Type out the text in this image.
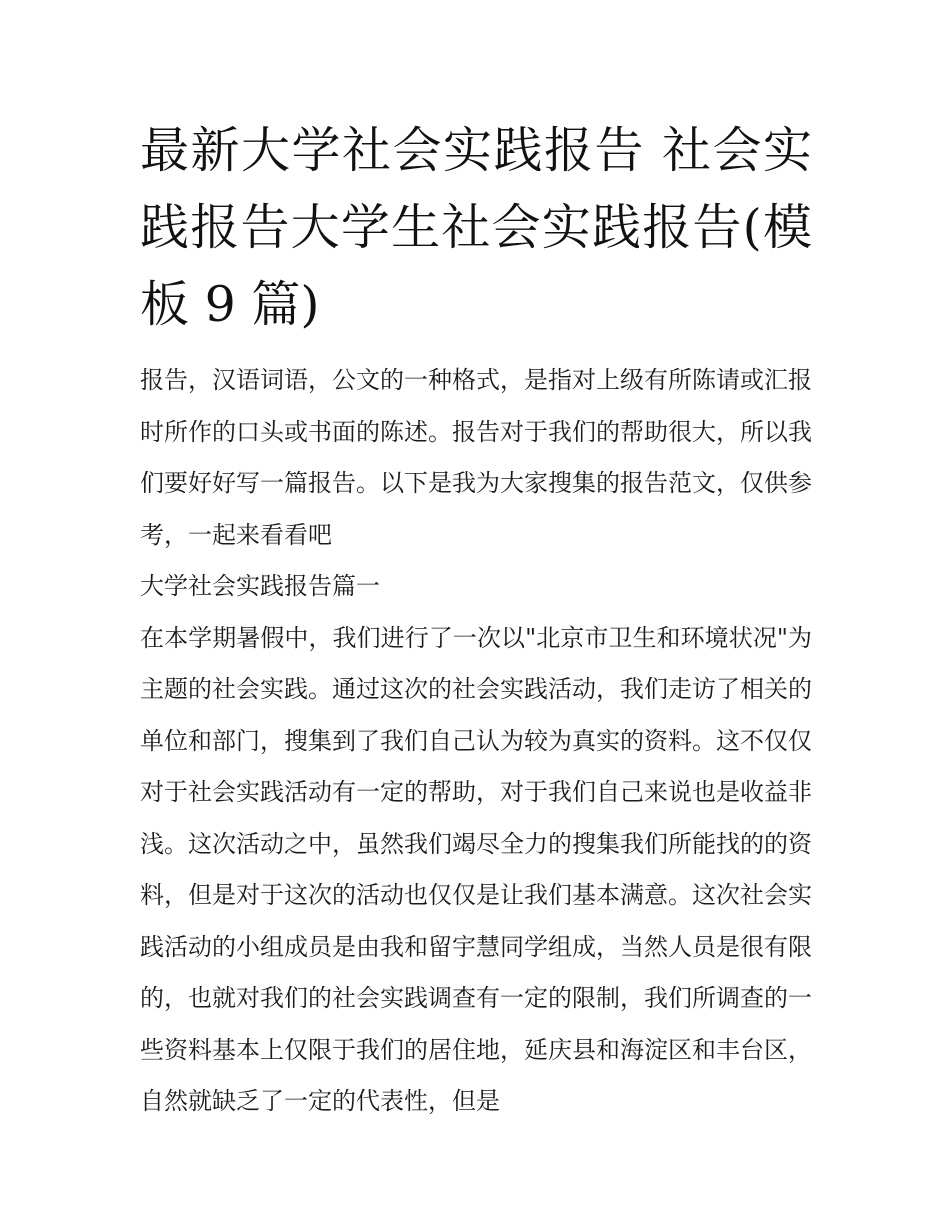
最新大学社会实践报告 社会实践报告大学生社会实践报告(模板 9 篇)

报告，汉语词语，公文的一种格式，是指对上级有所陈请或汇报时所作的口头或书面的陈述。报告对于我们的帮助很大，所以我们要好好写一篇报告。以下是我为大家搜集的报告范文，仅供参考，一起来看看吧

大学社会实践报告篇一

在本学期暑假中，我们进行了一次以"北京市卫生和环境状况"为主题的社会实践。通过这次的社会实践活动，我们走访了相关的单位和部门，搜集到了我们自己认为较为真实的资料。这不仅仅对于社会实践活动有一定的帮助，对于我们自己来说也是收益非浅。这次活动之中，虽然我们竭尽全力的搜集我们所能找的的资料，但是对于这次的活动也仅仅是让我们基本满意。这次社会实践活动的小组成员是由我和留宇慧同学组成，当然人员是很有限的，也就对我们的社会实践调查有一定的限制，我们所调查的一些资料基本上仅限于我们的居住地，延庆县和海淀区和丰台区，自然就缺乏了一定的代表性，但是
